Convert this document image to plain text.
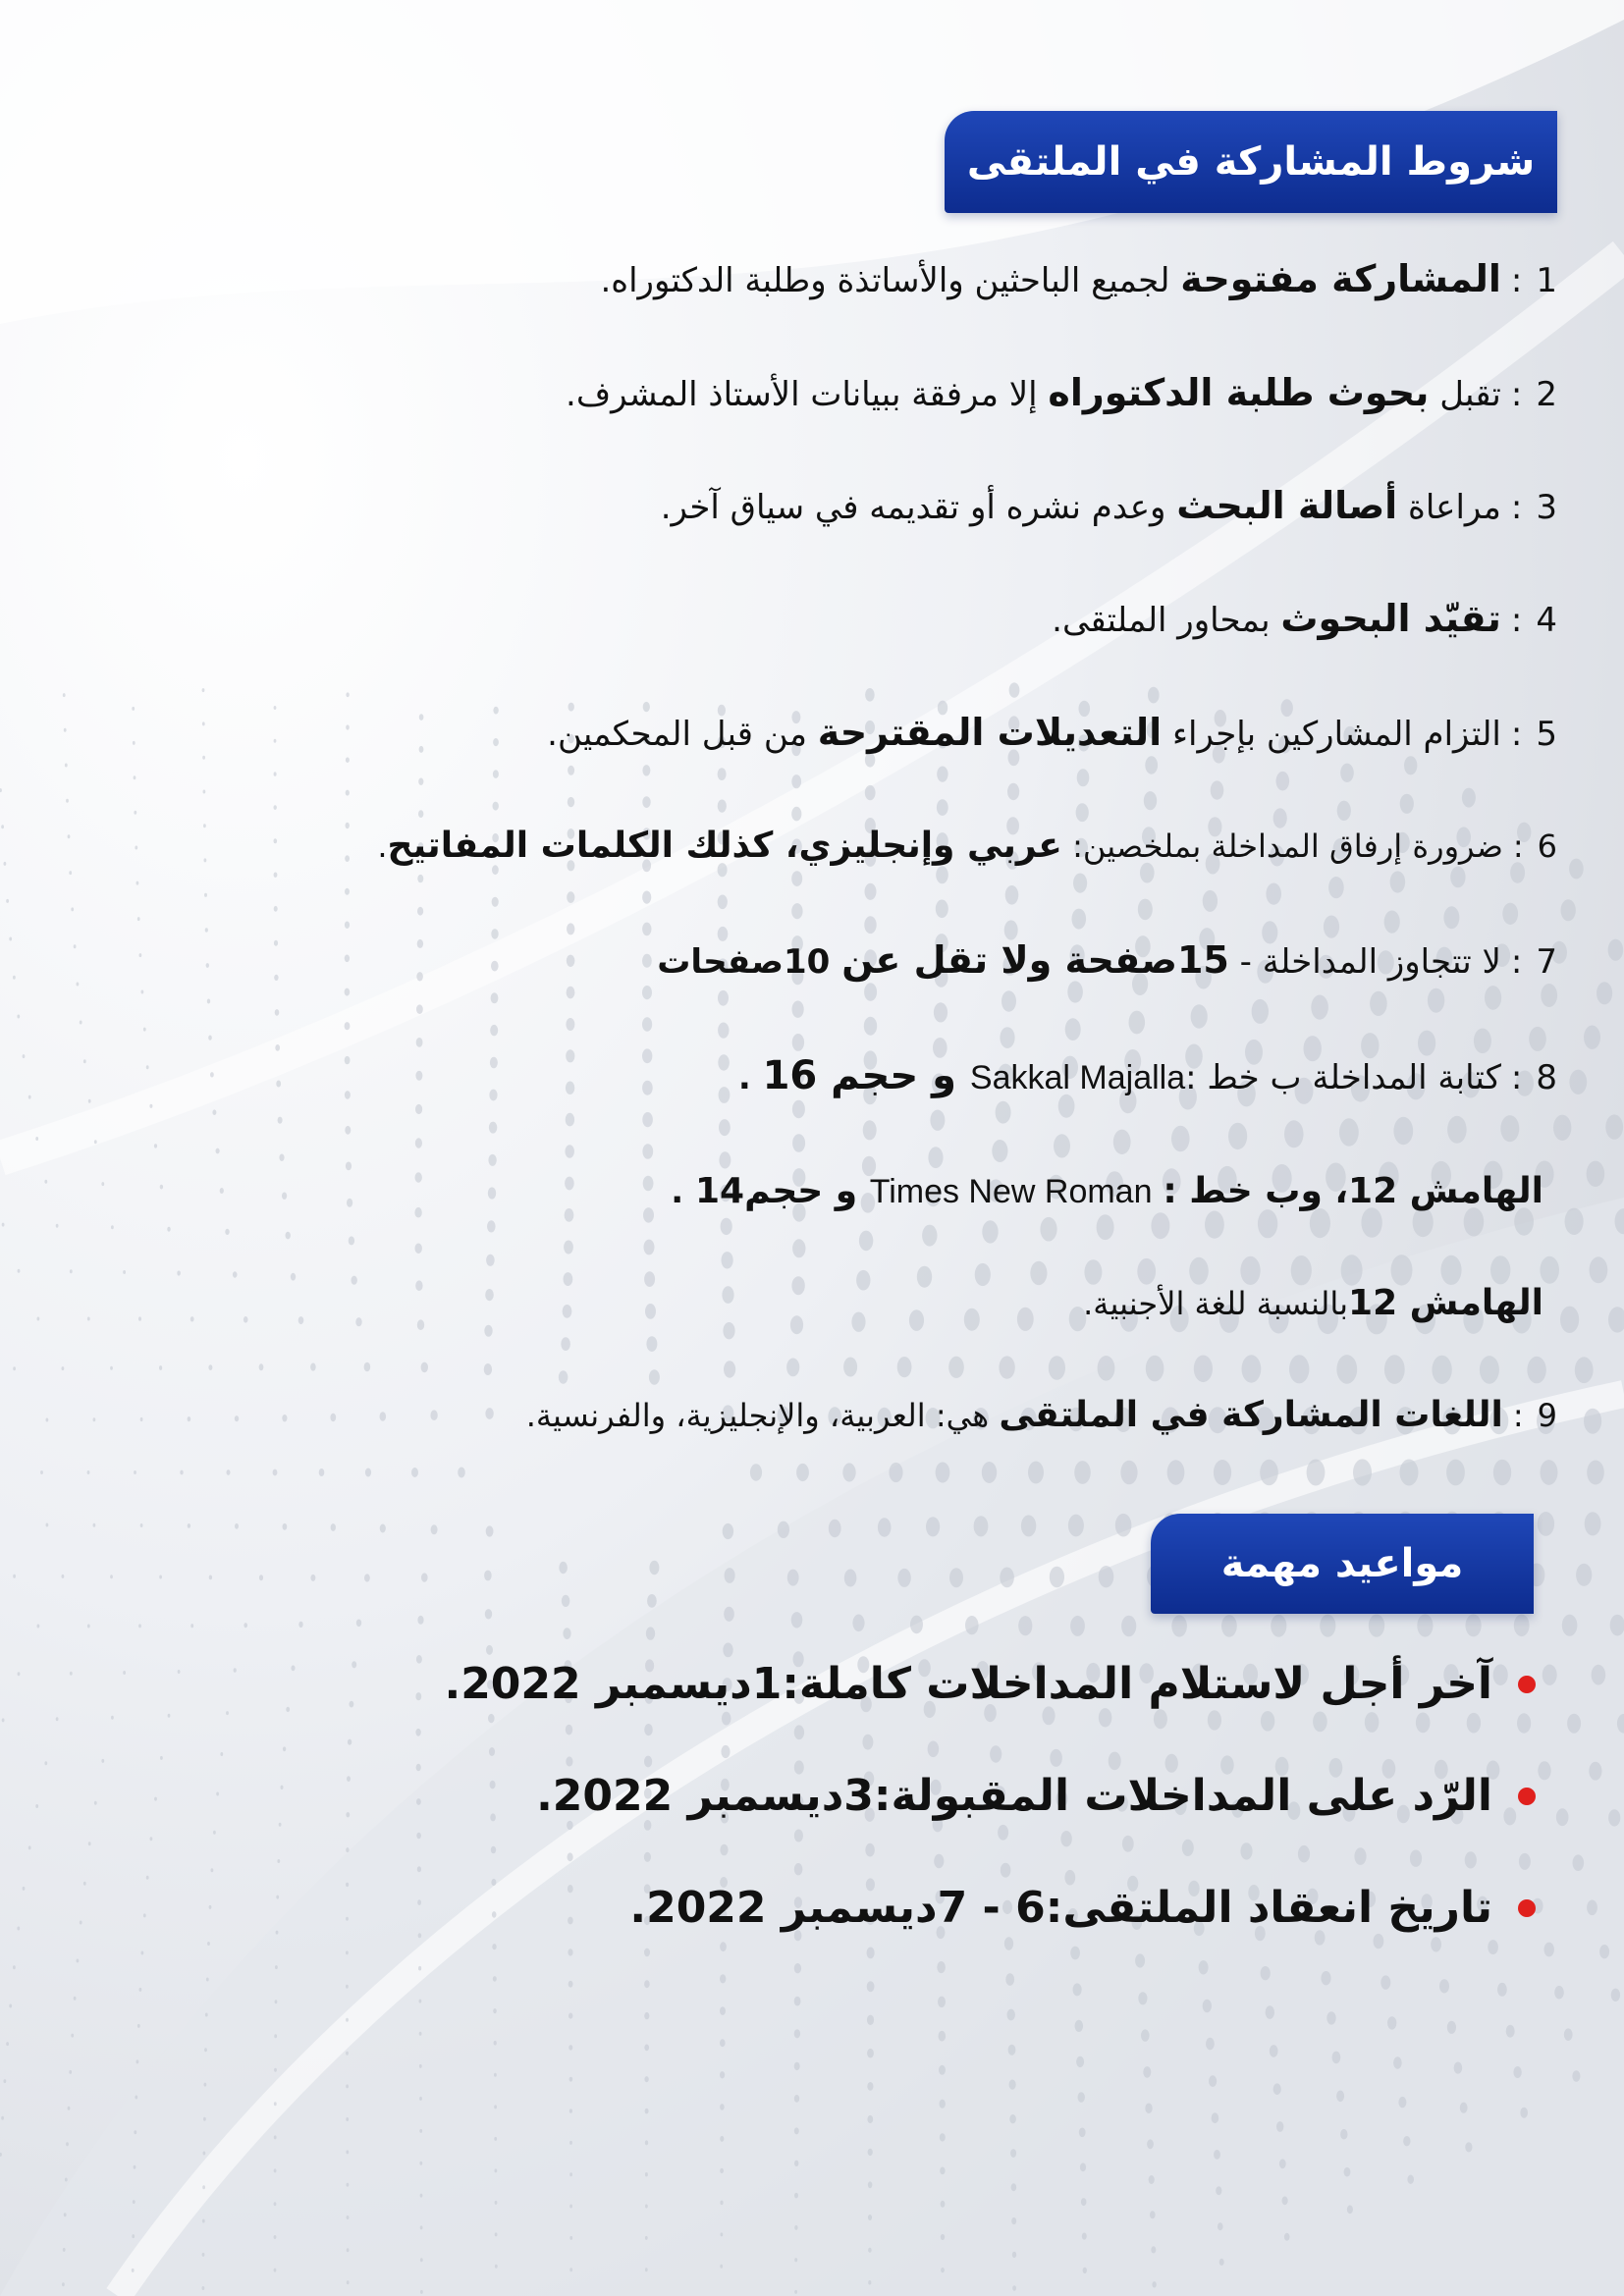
شروط المشاركة في الملتقى
1:المشاركة مفتوحة لجميع الباحثين والأساتذة وطلبة الدكتوراه.
2:تقبل بحوث طلبة الدكتوراه إلا مرفقة ببيانات الأستاذ المشرف.
3:مراعاة أصالة البحث وعدم نشره أو تقديمه في سياق آخر.
4:تقيّد البحوث بمحاور الملتقى.
5:التزام المشاركين بإجراء التعديلات المقترحة من قبل المحكمين.
6:ضرورة إرفاق المداخلة بملخصين: عربي وإنجليزي، كذلك الكلمات المفاتيح.
7:لا تتجاوز المداخلة - 15صفحة ولا تقل عن 10صفحات
8:كتابة المداخلة ب خط :Sakkal Majalla و حجم 16 .
الهامش 12، وب خط : Times New Roman و حجم14 .
الهامش 12بالنسبة للغة الأجنبية.
9:اللغات المشاركة في الملتقى هي: العربية، والإنجليزية، والفرنسية.
مواعيد مهمة
آخر أجل لاستلام المداخلات كاملة:
1ديسمبر 2022.
الرّد على المداخلات المقبولة:
3ديسمبر 2022.
تاريخ انعقاد الملتقى:
6 - 7ديسمبر 2022.
